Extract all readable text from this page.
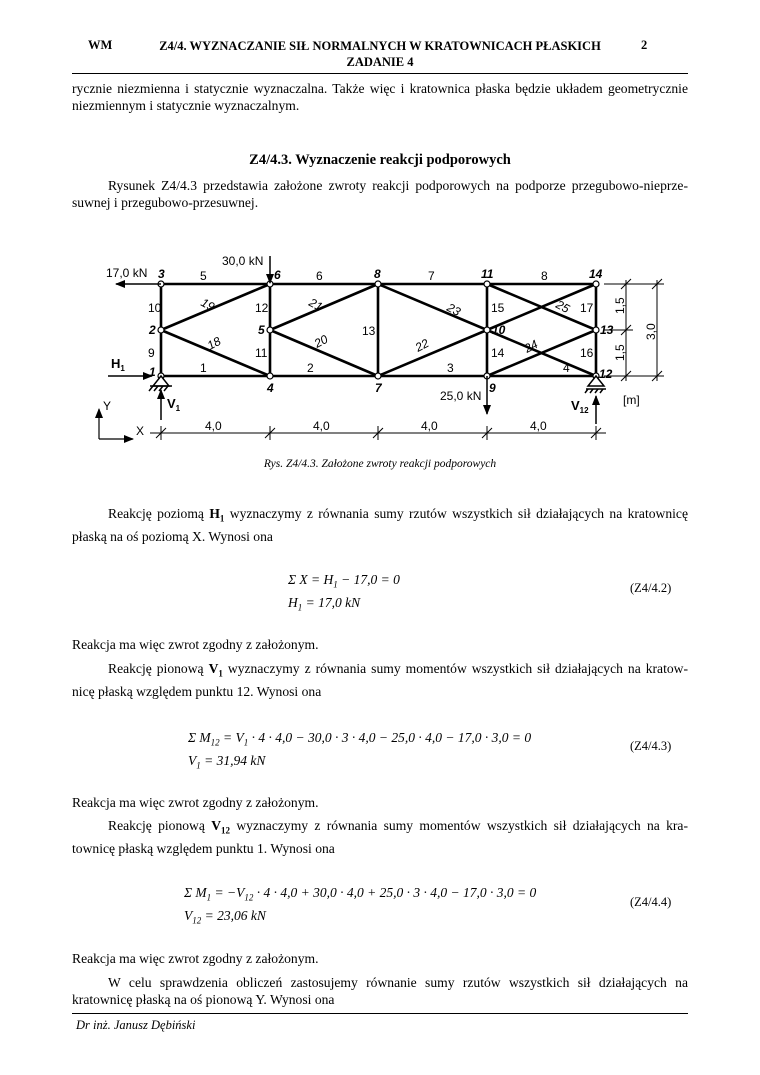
WM	Z4/4. WYZNACZANIE SIŁ NORMALNYCH W KRATOWNICACH PŁASKICH
ZADANIE 4
2
rycznie niezmienna i statycznie wyznaczalna. Także więc i kratownica płaska będzie układem geometrycznie niezmiennym i statycznie wyznaczalnym.
Z4/4.3. Wyznaczenie reakcji podporowych
Rysunek Z4/4.3 przedstawia założone zwroty reakcji podporowych na podporze przegubowo-nieprze-suwnej i przegubowo-przesuwnej.
1
2
3
4
5
6
7
8
9
10
11
12
13
14
1	2	3	4
5	6	7	8
9
10
11
12
13
14
15
16
17
18
19
20
21
22
23
24
25
17,0 kN
30,0 kN
25,0 kN
$H_1$
$V_1$	$V_{12}$
X
Y
4,0	4,0	4,0	4,0
1,5
1,5
3,0
[m]
Rys. Z4/4.3. Założone zwroty reakcji podporowych
Reakcję poziomą $H_1$ wyznaczymy z równania sumy rzutów wszystkich sił działających na kratownicę płaską na oś poziomą X. Wynosi ona
Σ $X = H_1 - 17,0 = 0$
$H_1 = 17,0$ kN
(Z4/4.2)
Reakcja ma więc zwrot zgodny z założonym.
Reakcję pionową $V_1$ wyznaczymy z równania sumy momentów wszystkich sił działających na kratow-nicę płaską względem punktu 12. Wynosi ona
Σ $M_{12} = V_1 \cdot 4 \cdot 4,0 - 30,0 \cdot 3 \cdot 4,0 - 25,0 \cdot 4,0 - 17,0 \cdot 3,0 = 0$
$V_1 = 31,94$ kN
(Z4/4.3)
Reakcja ma więc zwrot zgodny z założonym.
Reakcję pionową $V_{12}$ wyznaczymy z równania sumy momentów wszystkich sił działających na kra-townicę płaską względem punktu 1. Wynosi ona
Σ $M_1 = -V_{12} \cdot 4 \cdot 4,0 + 30,0 \cdot 4,0 + 25,0 \cdot 3 \cdot 4,0 - 17,0 \cdot 3,0 = 0$
$V_{12} = 23,06$ kN
(Z4/4.4)
Reakcja ma więc zwrot zgodny z założonym.
W celu sprawdzenia obliczeń zastosujemy równanie sumy rzutów wszystkich sił działających na kratownicę płaską na oś pionową Y. Wynosi ona
Dr inż. Janusz Dębiński
